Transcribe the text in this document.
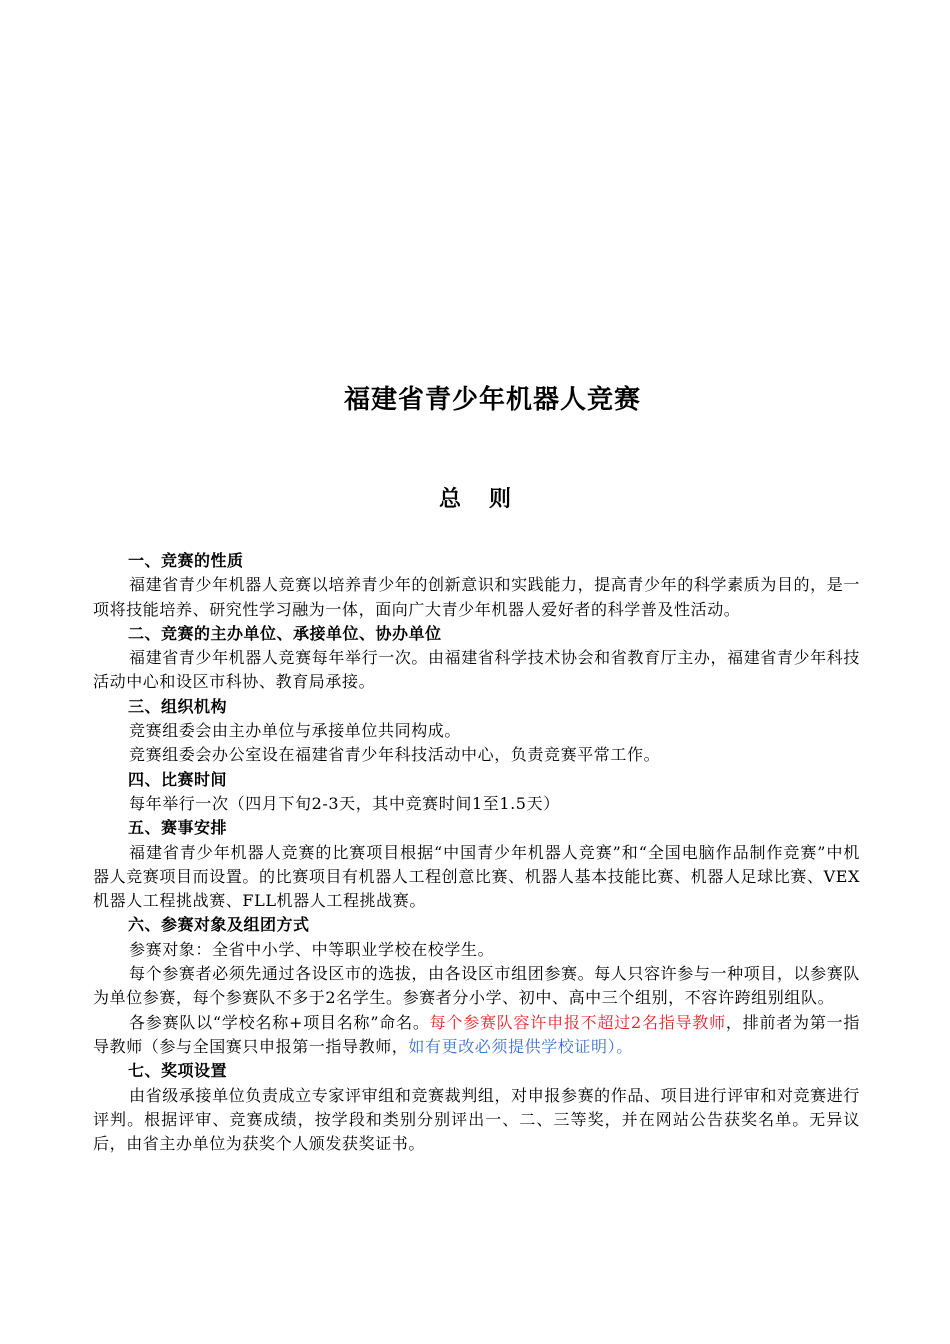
福建省青少年机器人竞赛
总则
一、竞赛的性质
福建省青少年机器人竞赛以培养青少年的创新意识和实践能力，提高青少年的科学素质为目的，是一项将技能培养、研究性学习融为一体，面向广大青少年机器人爱好者的科学普及性活动。
二、竞赛的主办单位、承接单位、协办单位
福建省青少年机器人竞赛每年举行一次。由福建省科学技术协会和省教育厅主办，福建省青少年科技活动中心和设区市科协、教育局承接。
三、组织机构
竞赛组委会由主办单位与承接单位共同构成。
竞赛组委会办公室设在福建省青少年科技活动中心，负责竞赛平常工作。
四、比赛时间
每年举行一次（四月下旬2-3天，其中竞赛时间1至1.5天）
五、赛事安排
福建省青少年机器人竞赛的比赛项目根据“中国青少年机器人竞赛”和“全国电脑作品制作竞赛”中机器人竞赛项目而设置。的比赛项目有机器人工程创意比赛、机器人基本技能比赛、机器人足球比赛、VEX机器人工程挑战赛、FLL机器人工程挑战赛。
六、参赛对象及组团方式
参赛对象：全省中小学、中等职业学校在校学生。
每个参赛者必须先通过各设区市的选拔，由各设区市组团参赛。每人只容许参与一种项目，以参赛队为单位参赛，每个参赛队不多于2名学生。参赛者分小学、初中、高中三个组别，不容许跨组别组队。
各参赛队以“学校名称+项目名称”命名。每个参赛队容许申报不超过2名指导教师，排前者为第一指导教师（参与全国赛只申报第一指导教师，如有更改必须提供学校证明）。
七、奖项设置
由省级承接单位负责成立专家评审组和竞赛裁判组，对申报参赛的作品、项目进行评审和对竞赛进行评判。根据评审、竞赛成绩，按学段和类别分别评出一、二、三等奖，并在网站公告获奖名单。无异议后，由省主办单位为获奖个人颁发获奖证书。
